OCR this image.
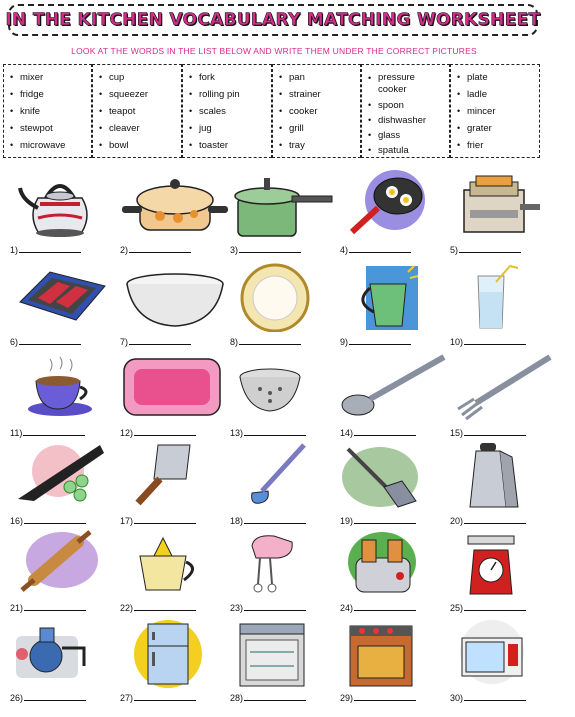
IN THE KITCHEN VOCABULARY MATCHING WORKSHEET
LOOK AT THE WORDS IN THE LIST BELOW AND WRITE THEM UNDER THE CORRECT PICTURES
• mixer
• fridge
• knife
• stewpot
• microwave
• cup
• squeezer
• teapot
• cleaver
• bowl
• fork
• rolling pin
• scales
• jug
• toaster
• pan
• strainer
• cooker
• grill
• tray
• pressure cooker
• spoon
• dishwasher
• glass
• spatula
• plate
• ladle
• mincer
• grater
• frier
1)	2)	3)	4)	5)
6)	7)	8)	9)	10)
11)	12)	13)	14)	15)
16)	17)	18)	19)	20)
21)	22)	23)	24)	25)
26)	27)	28)	29)	30)
